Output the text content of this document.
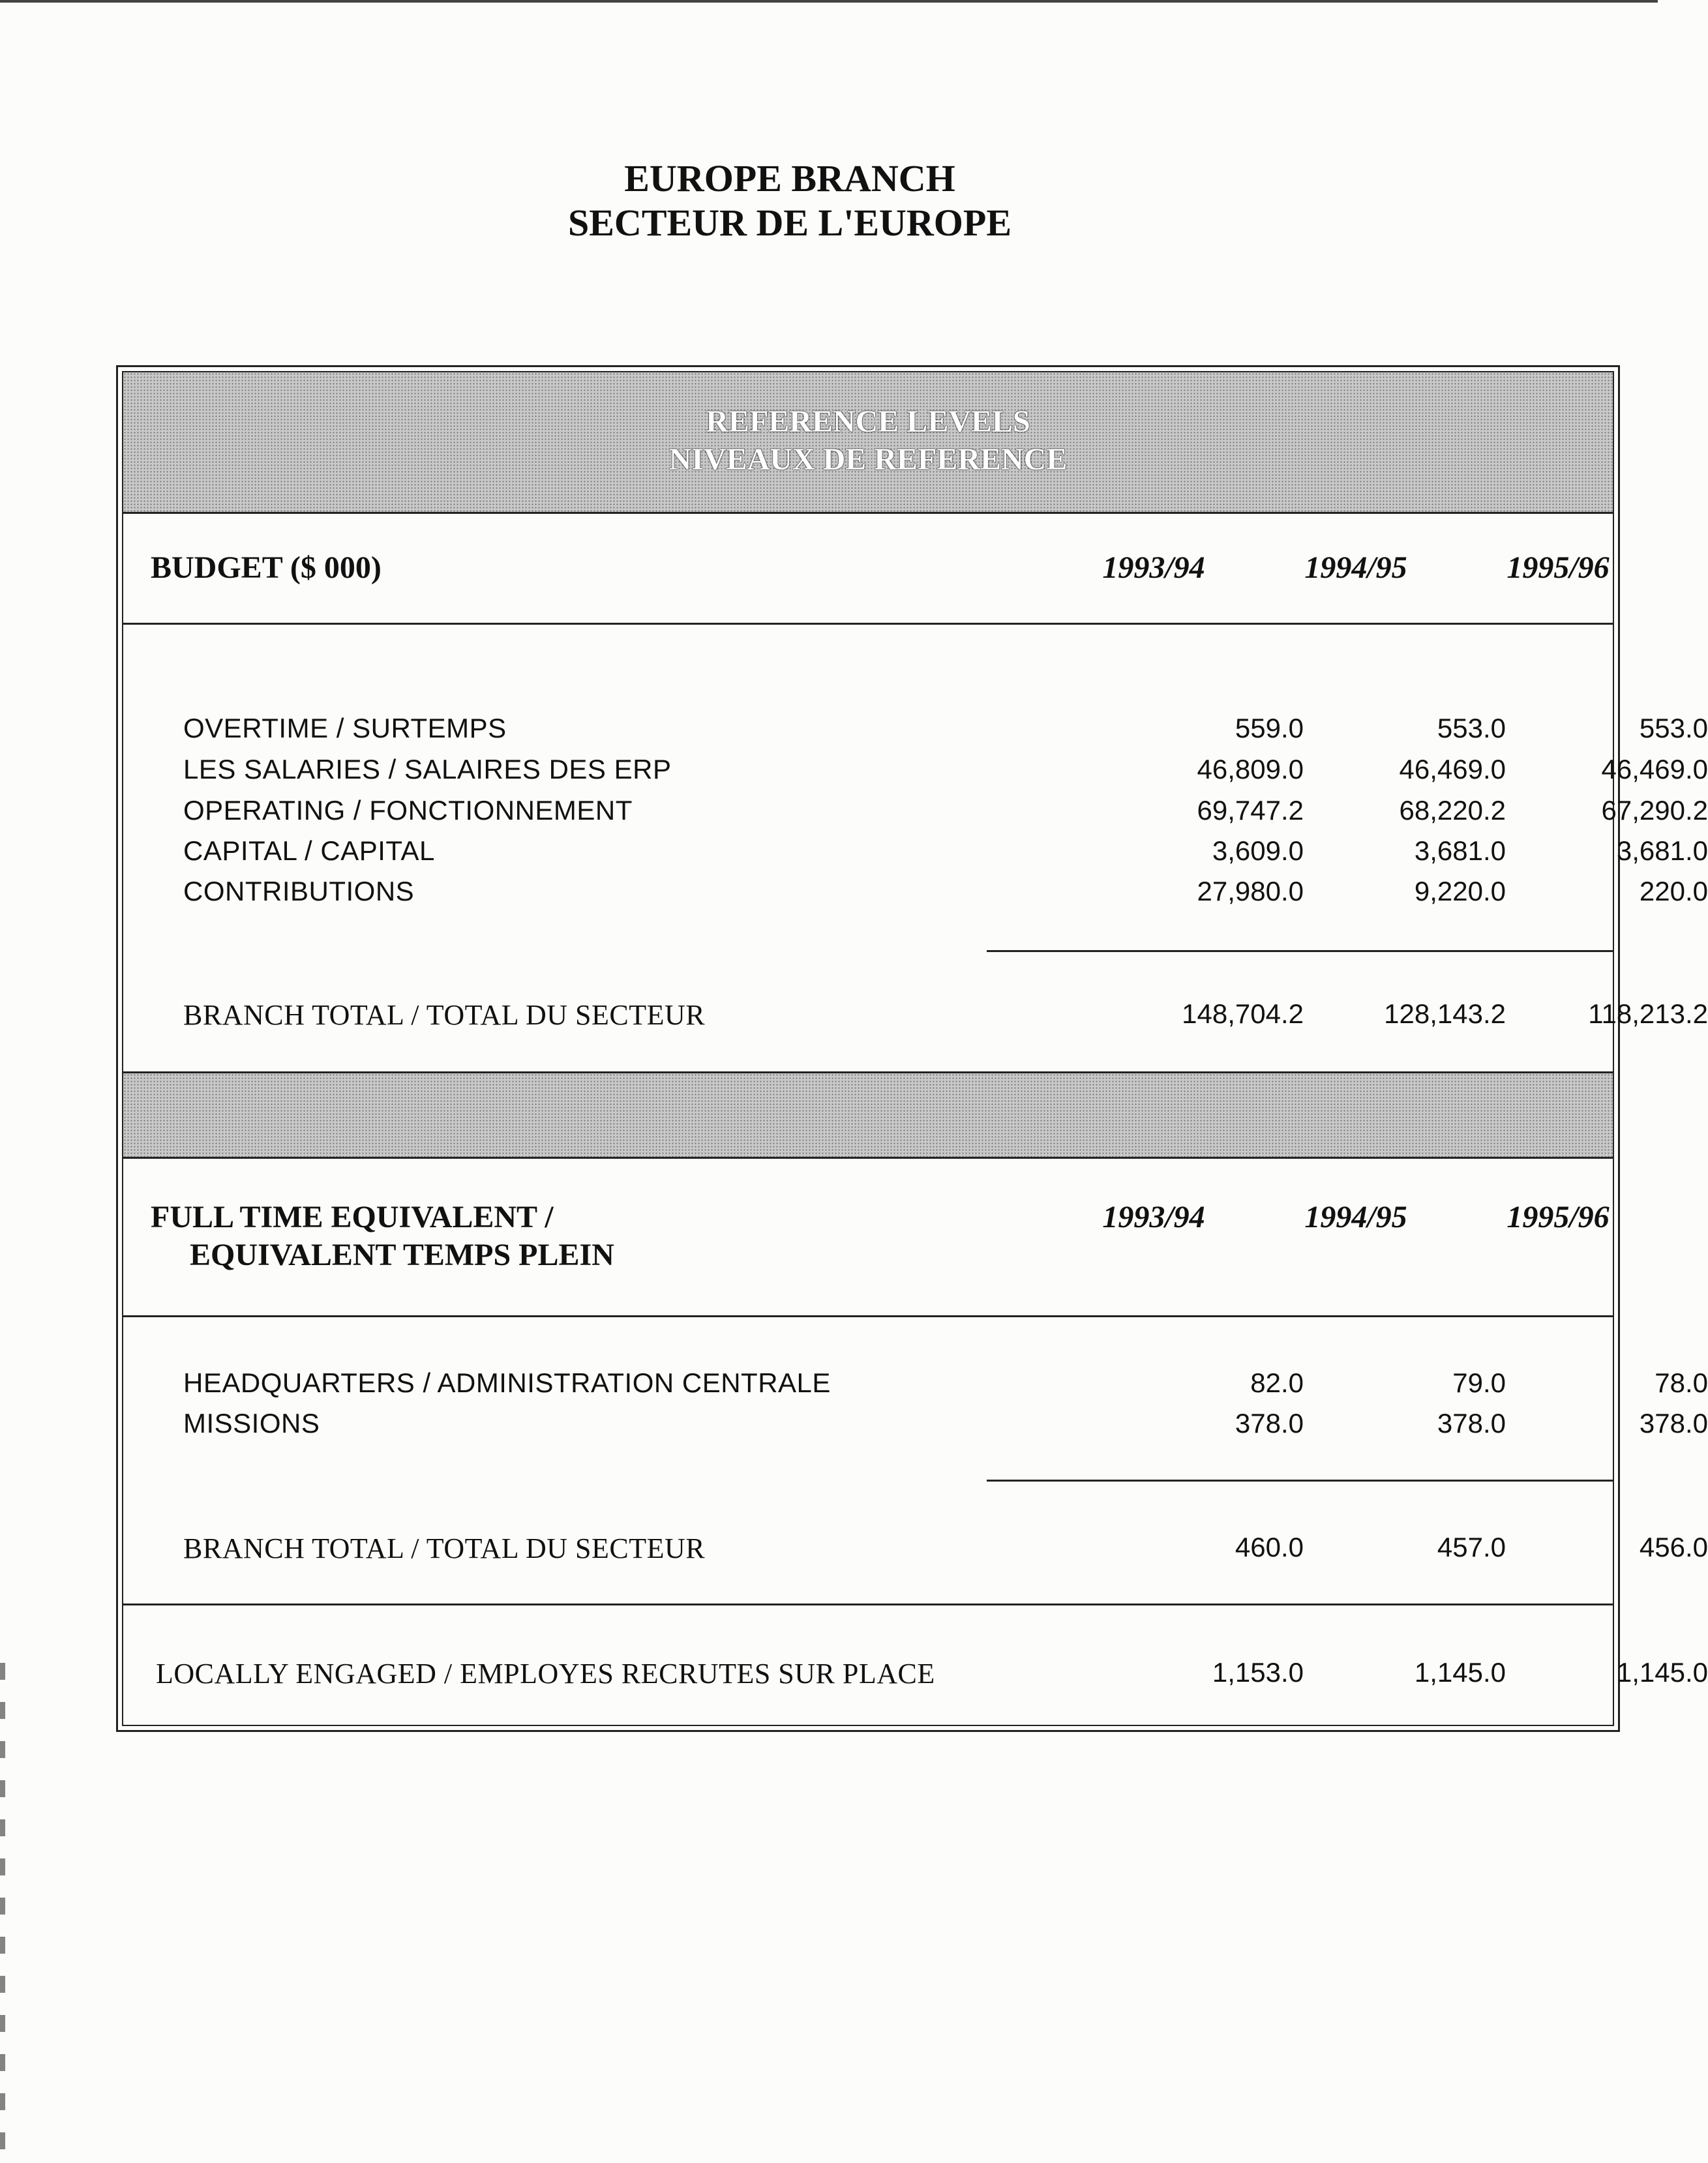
EUROPE BRANCH
SECTEUR DE L'EUROPE
REFERENCE LEVELS
NIVEAUX DE REFERENCE
BUDGET ($ 000)	1993/94	1994/95	1995/96
OVERTIME / SURTEMPS	559.0	553.0	553.0
LES SALARIES / SALAIRES DES ERP	46,809.0	46,469.0	46,469.0
OPERATING / FONCTIONNEMENT	69,747.2	68,220.2	67,290.2
CAPITAL / CAPITAL	3,609.0	3,681.0	3,681.0
CONTRIBUTIONS	27,980.0	9,220.0	220.0
BRANCH TOTAL / TOTAL DU SECTEUR	148,704.2	128,143.2	118,213.2
FULL TIME EQUIVALENT /
EQUIVALENT TEMPS PLEIN
1993/94	1994/95	1995/96
HEADQUARTERS / ADMINISTRATION CENTRALE	82.0	79.0	78.0
MISSIONS	378.0	378.0	378.0
BRANCH TOTAL / TOTAL DU SECTEUR	460.0	457.0	456.0
LOCALLY ENGAGED / EMPLOYES RECRUTES SUR PLACE	1,153.0	1,145.0	1,145.0
